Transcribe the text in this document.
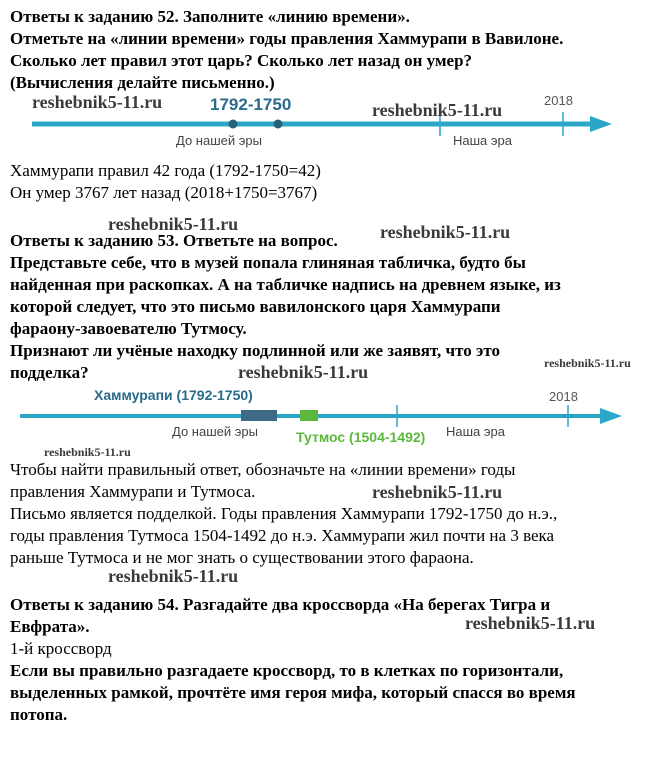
Ответы к заданию 52. Заполните «линию времени».
Отметьте на «линии времени» годы правления Хаммурапи в Вавилоне.
Сколько лет правил этот царь? Сколько лет назад он умер?
(Вычисления делайте письменно.)
1792-1750	2018
До нашей эры	Наша эра
Хаммурапи правил 42 года (1792-1750=42)
Он умер 3767 лет назад (2018+1750=3767)
Ответы к заданию 53. Ответьте на вопрос.
Представьте себе, что в музей попала глиняная табличка, будто бы
найденная при раскопках. А на табличке надпись на древнем языке, из
которой следует, что это письмо вавилонского царя Хаммурапи
фараону-завоевателю Тутмосу.
Признают ли учёные находку подлинной или же заявят, что это
подделка?
Хаммурапи (1792-1750)
Тутмос (1504-1492)
2018
До нашей эры	Наша эра
Чтобы найти правильный ответ, обозначьте на «линии времени» годы
правления Хаммурапи и Тутмоса.
Письмо является подделкой. Годы правления Хаммурапи 1792-1750 до н.э.,
годы правления Тутмоса 1504-1492 до н.э. Хаммурапи жил почти на 3 века
раньше Тутмоса и не мог знать о существовании этого фараона.
Ответы к заданию 54. Разгадайте два кроссворда «На берегах Тигра и
Евфрата».
1-й кроссворд
Если вы правильно разгадаете кроссворд, то в клетках по горизонтали,
выделенных рамкой, прочтёте имя героя мифа, который спасся во время
потопа.
reshebnik5-11.ru	reshebnik5-11.ru
reshebnik5-11.ru	reshebnik5-11.ru
reshebnik5-11.ru	reshebnik5-11.ru
reshebnik5-11.ru
reshebnik5-11.ru
reshebnik5-11.ru
reshebnik5-11.ru
